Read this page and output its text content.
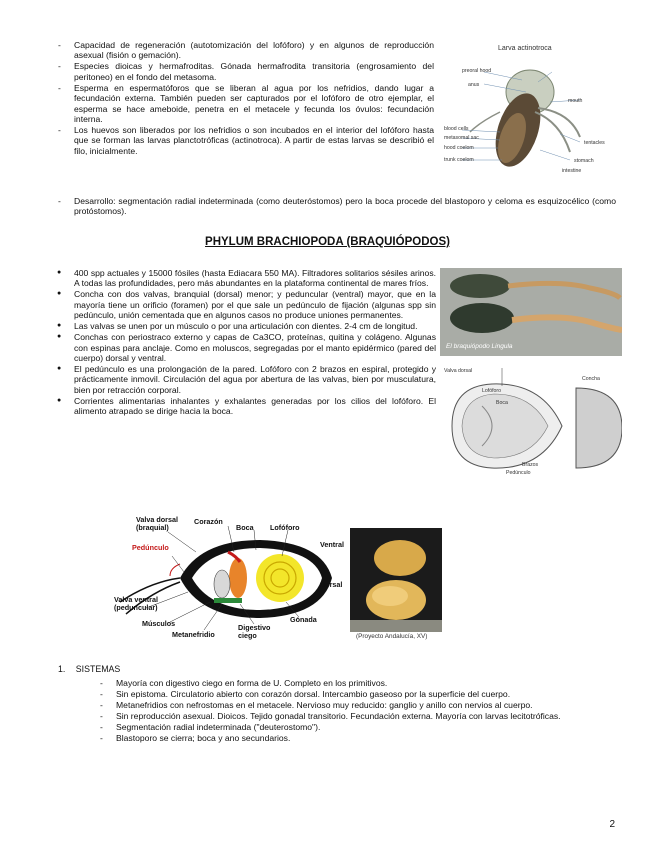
- Capacidad de regeneración (autotomización del lofóforo) y en algunos de reproducción asexual (fisión o gemación).
- Especies dioicas y hermafroditas. Gónada hermafrodita transitoria (engrosamiento del peritoneo) en el fondo del metasoma.
- Esperma en espermatóforos que se liberan al agua por los nefridios, dando lugar a fecundación externa. También pueden ser capturados por el lofóforo de otro ejemplar, el esperma se hace ameboide, penetra en el metacele y fecunda los óvulos: fecundación interna.
- Los huevos son liberados por los nefridios o son incubados en el interior del lofóforo hasta que se forman las larvas planctotróficas (actinotroca). A partir de estas larvas se describió el filo, inicialmente.
- Desarrollo: segmentación radial indeterminada (como deuteróstomos) pero la boca procede del blastoporo y celoma es esquizocélico (como protóstomos).
Larva actinotroca
preoral hood
anus
mouth
tentacles
blood cells
stomach
intestine
metasomal sac
hood coelom
trunk coelom
PHYLUM BRACHIOPODA (BRAQUIÓPODOS)
● 400 spp actuales y 15000 fósiles (hasta Ediacara 550 MA). Filtradores solitarios sésiles arinos. A todas las profundidades, pero más abundantes en la plataforma continental de mares fríos.
● Concha con dos valvas, branquial (dorsal) menor; y peduncular (ventral) mayor, que en la mayoría tiene un orificio (foramen) por el que sale un pedúnculo de fijación (algunas spp sin pedúnculo, unión cementada que en algunos casos no produce uniones permanentes.
● Las valvas se unen por un músculo o por una articulación con dientes. 2-4 cm de longitud.
● Conchas con periostraco externo y capas de Ca3CO, proteínas, quitina y colágeno. Algunas con espinas para anclaje. Como en moluscos, segregadas por el manto epidérmico (pared del cuerpo) dorsal y ventral.
● El pedúnculo es una prolongación de la pared. Lofóforo con 2 brazos en espiral, protegido y prácticamente inmovil. Circulación del agua por abertura de las valvas, bien por musculatura, bien por retracción corporal.
● Corrientes alimentarias inhalantes y exhalantes generadas por los cilios del lofóforo. El alimento atrapado se dirige hacia la boca.
El braquiópodo Lingula
Lofóforo
Boca
Valva dorsal
Pedúnculo
Brazos
Concha
Valva dorsal (braquial)
Corazón
Boca Lofóforo
Pedúnculo
Valva ventral (peduncular)
Músculos
Metanefridio
Digestivo ciego
Gónada
Ventral
Dorsal
(Proyecto Andalucía, XV)
1. SISTEMAS
- Mayoría con digestivo ciego en forma de U. Completo en los primitivos.
- Sin epistoma. Circulatorio abierto con corazón dorsal. Intercambio gaseoso por la superficie del cuerpo.
- Metanefridios con nefrostomas en el metacele. Nervioso muy reducido: ganglio y anillo con nervios al cuerpo.
- Sin reproducción asexual. Dioicos. Tejido gonadal transitorio. Fecundación externa. Mayoría con larvas lecitotróficas.
- Segmentación radial indeterminada ("deuterostomo").
- Blastoporo se cierra; boca y ano secundarios.
2
